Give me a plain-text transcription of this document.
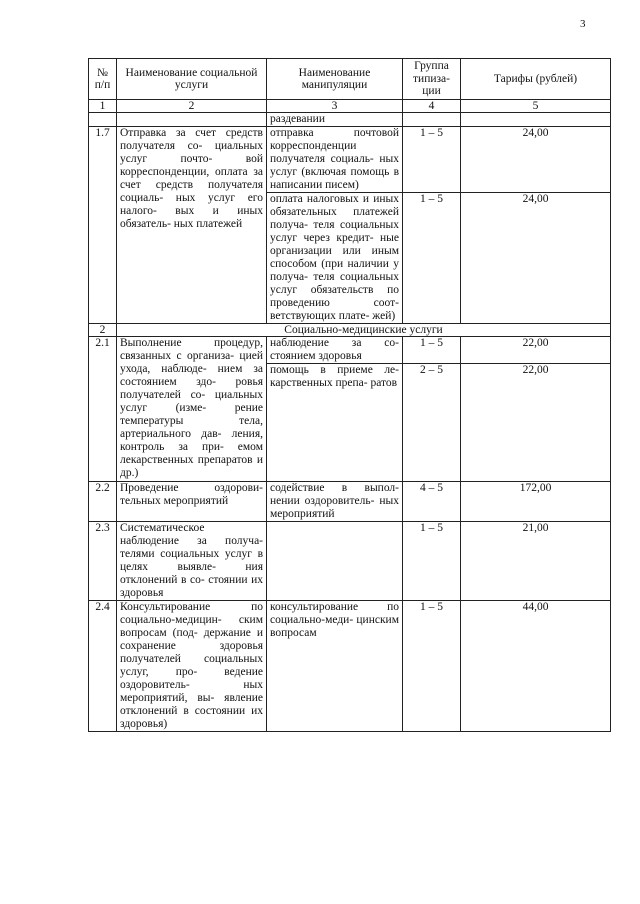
3
№ п/п	Наименование социальной услуги	Наименование манипуляции	Группа типиза- ции	Тарифы (рублей)
1	2	3	4	5
		раздевании		
1.7	Отправка за счет средств получателя со- циальных услуг почто- вой корреспонденции, оплата за счет средств получателя социаль- ных услуг его налого- вых и иных обязатель- ных платежей	отправка почтовой корреспонденции получателя социаль- ных услуг (включая помощь в написании писем)	1 – 5	24,00
		оплата налоговых и иных обязательных платежей получа- теля социальных услуг через кредит- ные организации или иным способом (при наличии у получа- теля социальных услуг обязательств по проведению соот- ветствующих плате- жей)	1 – 5	24,00
2	Социально-медицинские услуги			
2.1	Выполнение процедур, связанных с организа- цией ухода, наблюде- нием за состоянием здо- ровья получателей со- циальных услуг (изме- рение температуры тела, артериального дав- ления, контроль за при- емом лекарственных препаратов и др.)	наблюдение за со- стоянием здоровья	1 – 5	22,00
		помощь в приеме ле- карственных препа- ратов	2 – 5	22,00
2.2	Проведение оздорови- тельных мероприятий	содействие в выпол- нении оздоровитель- ных мероприятий	4 – 5	172,00
2.3	Систематическое наблюдение за получа- телями социальных услуг в целях выявле- ния отклонений в со- стоянии их здоровья		1 – 5	21,00
2.4	Консультирование по социально-медицин- ским вопросам (под- держание и сохранение здоровья получателей социальных услуг, про- ведение оздоровитель- ных мероприятий, вы- явление отклонений в состоянии их здоровья)	консультирование по социально-меди- цинским вопросам	1 – 5	44,00
